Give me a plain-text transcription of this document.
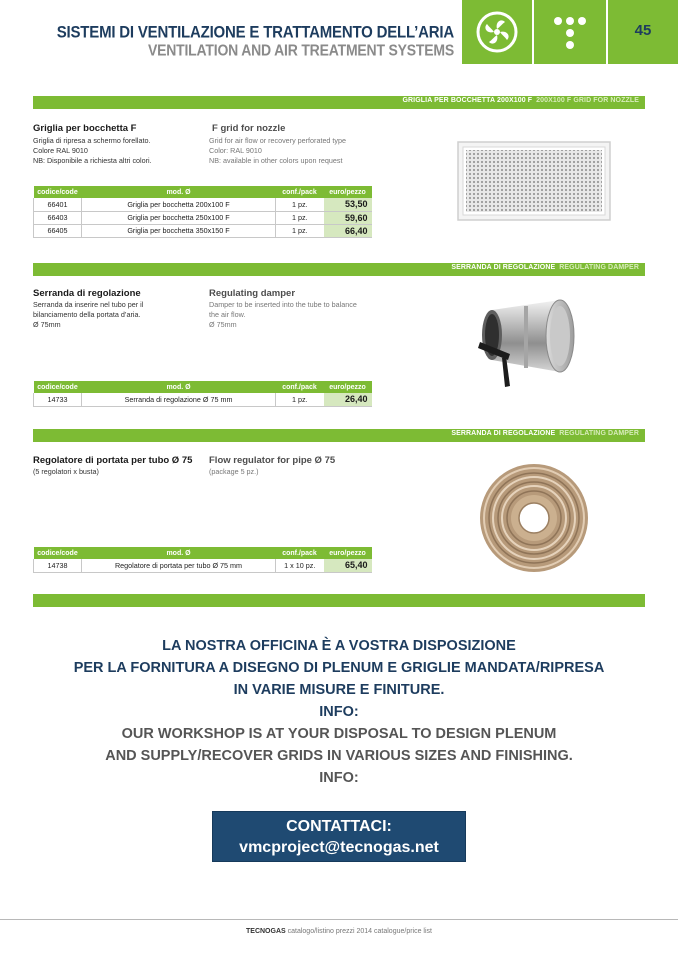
SISTEMI DI VENTILAZIONE E TRATTAMENTO DELL’ARIA
VENTILATION AND AIR TREATMENT SYSTEMS
45
GRIGLIA PER BOCCHETTA 200X100 F 200X100 F GRID FOR NOZZLE
Griglia per bocchetta F
Griglia di ripresa a schermo forellato.
Colore RAL 9010
NB: Disponibile a richiesta altri colori.
F grid for nozzle
Grid for air flow or recovery perforated type
Color: RAL 9010
NB: available in other colors upon request
codice/code	mod. Ø	conf./pack	euro/pezzo
66401	Griglia per bocchetta 200x100 F	1 pz.	53,50
66403	Griglia per bocchetta 250x100 F	1 pz.	59,60
66405	Griglia per bocchetta 350x150 F	1 pz.	66,40
SERRANDA DI REGOLAZIONE REGULATING DAMPER
Serranda di regolazione
Serranda da inserire nel tubo per il
bilanciamento della portata d’aria.
Ø 75mm
Regulating damper
Damper to be inserted into the tube to balance
the air flow.
Ø 75mm
codice/code	mod. Ø	conf./pack	euro/pezzo
14733	Serranda di regolazione Ø 75 mm	1 pz.	26,40
SERRANDA DI REGOLAZIONE REGULATING DAMPER
Regolatore di portata per tubo Ø 75
(5 regolatori x busta)
Flow regulator for pipe Ø 75
(package 5 pz.)
codice/code	mod. Ø	conf./pack	euro/pezzo
14738	Regolatore di portata per tubo Ø 75 mm	1 x 10 pz.	65,40
LA NOSTRA OFFICINA È A VOSTRA DISPOSIZIONE
PER LA FORNITURA A DISEGNO DI PLENUM E GRIGLIE MANDATA/RIPRESA
IN VARIE MISURE E FINITURE.
INFO:
OUR WORKSHOP IS AT YOUR DISPOSAL TO DESIGN PLENUM
AND SUPPLY/RECOVER GRIDS IN VARIOUS SIZES AND FINISHING.
INFO:
CONTATTACI:
vmcproject@tecnogas.net
TECNOGAS catalogo/listino prezzi 2014 catalogue/price list
